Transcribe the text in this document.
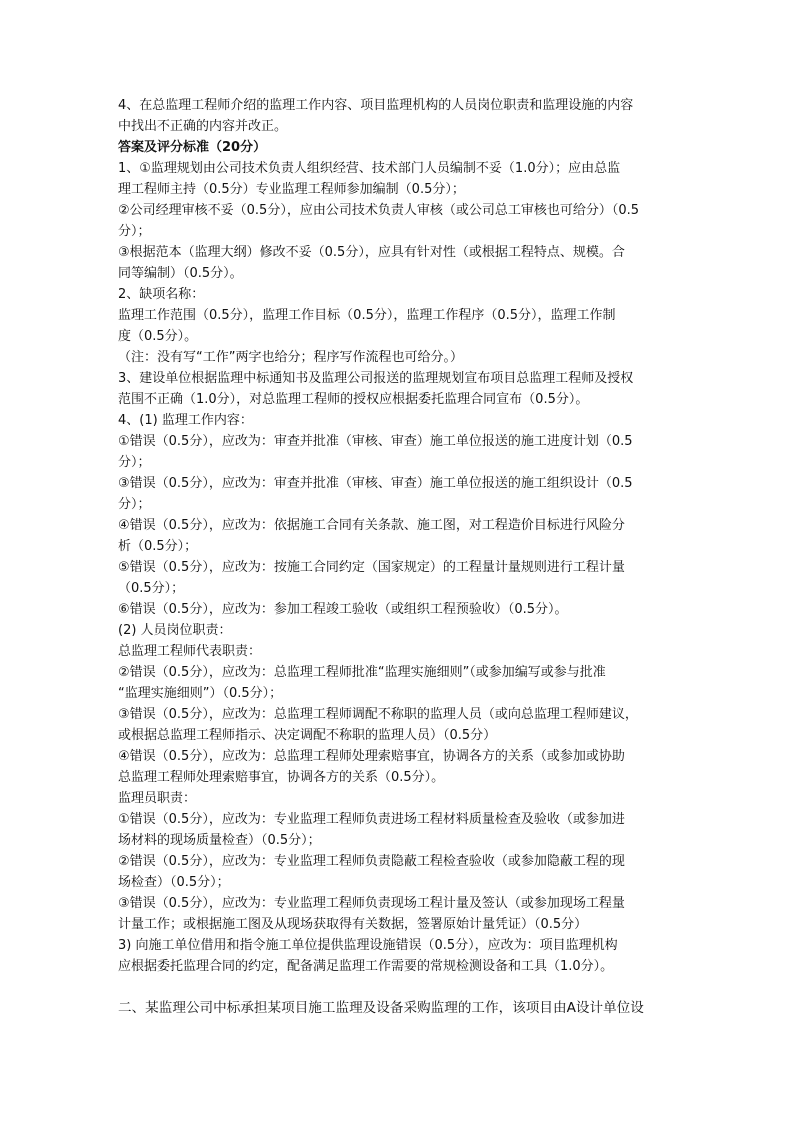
4、在总监理工程师介绍的监理工作内容、项目监理机构的人员岗位职责和监理设施的内容
中找出不正确的内容并改正。
答案及评分标准（20分）
1、①监理规划由公司技术负责人组织经营、技术部门人员编制不妥（1.0分）；应由总监
理工程师主持（0.5分）专业监理工程师参加编制（0.5分）；
②公司经理审核不妥（0.5分），应由公司技术负责人审核（或公司总工审核也可给分）（0.5
分）；
③根据范本（监理大纲）修改不妥（0.5分），应具有针对性（或根据工程特点、规模。合
同等编制）（0.5分）。
2、缺项名称：
监理工作范围（0.5分），监理工作目标（0.5分），监理工作程序（0.5分），监理工作制
度（0.5分）。
（注：没有写“工作”两字也给分；程序写作流程也可给分。）
3、建设单位根据监理中标通知书及监理公司报送的监理规划宣布项目总监理工程师及授权
范围不正确（1.0分），对总监理工程师的授权应根据委托监理合同宣布（0.5分）。
4、(1) 监理工作内容：
①错误（0.5分），应改为：审查并批准（审核、审查）施工单位报送的施工进度计划（0.5
分）；
③错误（0.5分），应改为：审查并批准（审核、审查）施工单位报送的施工组织设计（0.5
分）；
④错误（0.5分），应改为：依据施工合同有关条款、施工图，对工程造价目标进行风险分
析（0.5分）；
⑤错误（0.5分），应改为：按施工合同约定（国家规定）的工程量计量规则进行工程计量
（0.5分）；
⑥错误（0.5分），应改为：参加工程竣工验收（或组织工程预验收）（0.5分）。
(2) 人员岗位职责：
总监理工程师代表职责：
②错误（0.5分），应改为：总监理工程师批准“监理实施细则”（或参加编写或参与批准
“监理实施细则”）（0.5分）；
③错误（0.5分），应改为：总监理工程师调配不称职的监理人员（或向总监理工程师建议，
或根据总监理工程师指示、决定调配不称职的监理人员）（0.5分）
④错误（0.5分），应改为：总监理工程师处理索赔事宜，协调各方的关系（或参加或协助
总监理工程师处理索赔事宜，协调各方的关系（0.5分）。
监理员职责：
①错误（0.5分），应改为：专业监理工程师负责进场工程材料质量检查及验收（或参加进
场材料的现场质量检查）（0.5分）；
②错误（0.5分），应改为：专业监理工程师负责隐蔽工程检查验收（或参加隐蔽工程的现
场检查）（0.5分）；
③错误（0.5分），应改为：专业监理工程师负责现场工程计量及签认（或参加现场工程量
计量工作；或根据施工图及从现场获取得有关数据，签署原始计量凭证）（0.5分）
3) 向施工单位借用和指令施工单位提供监理设施错误（0.5分），应改为：项目监理机构
应根据委托监理合同的约定，配备满足监理工作需要的常规检测设备和工具（1.0分）。
二、某监理公司中标承担某项目施工监理及设备采购监理的工作，该项目由A设计单位设
